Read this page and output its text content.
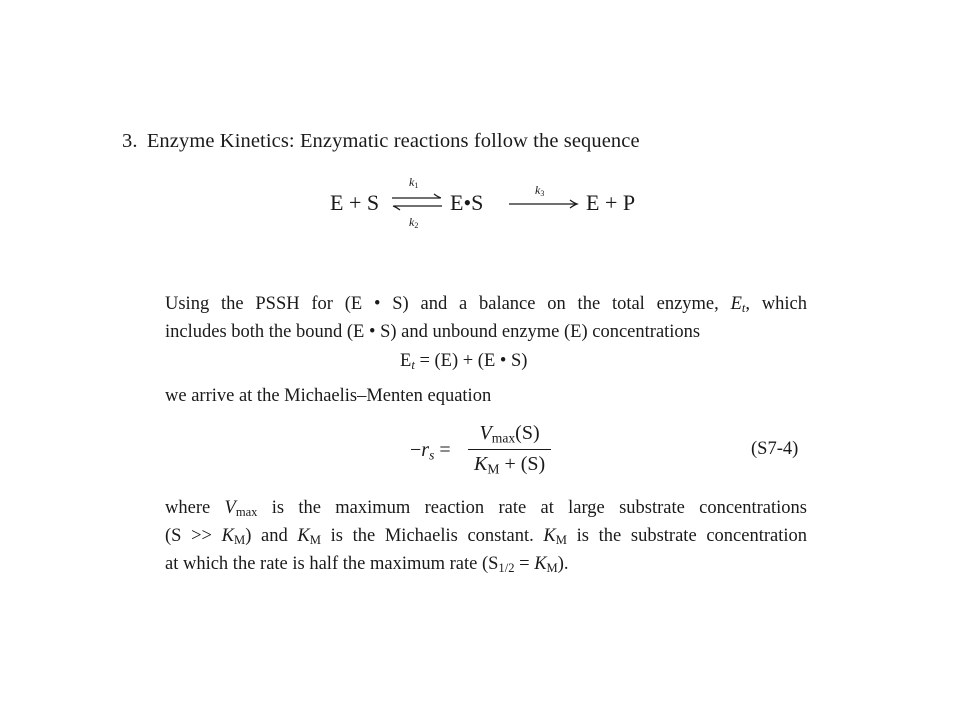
3. Enzyme Kinetics: Enzymatic reactions follow the sequence
E + S ⇌
$k_1$
$k_2$
E•S	$k_3$ E + P
Using the PSSH for (E • S) and a balance on the total enzyme, $E_t$, which
includes both the bound (E • S) and unbound enzyme (E) concentrations
$E_t = (E) + (E$ • S)
we arrive at the Michaelis–Menten equation
$-r_s$ =
$V_{max}(S)$
$K_M + (S)$
(S7-4)
where $V_{max}$ is the maximum reaction rate at large substrate concentrations
$(S >> K_M)$ and $K_M$ is the Michaelis constant. $K_M$ is the substrate concentration
at which the rate is half the maximum rate $(S_{1/2} = K_M)$.
